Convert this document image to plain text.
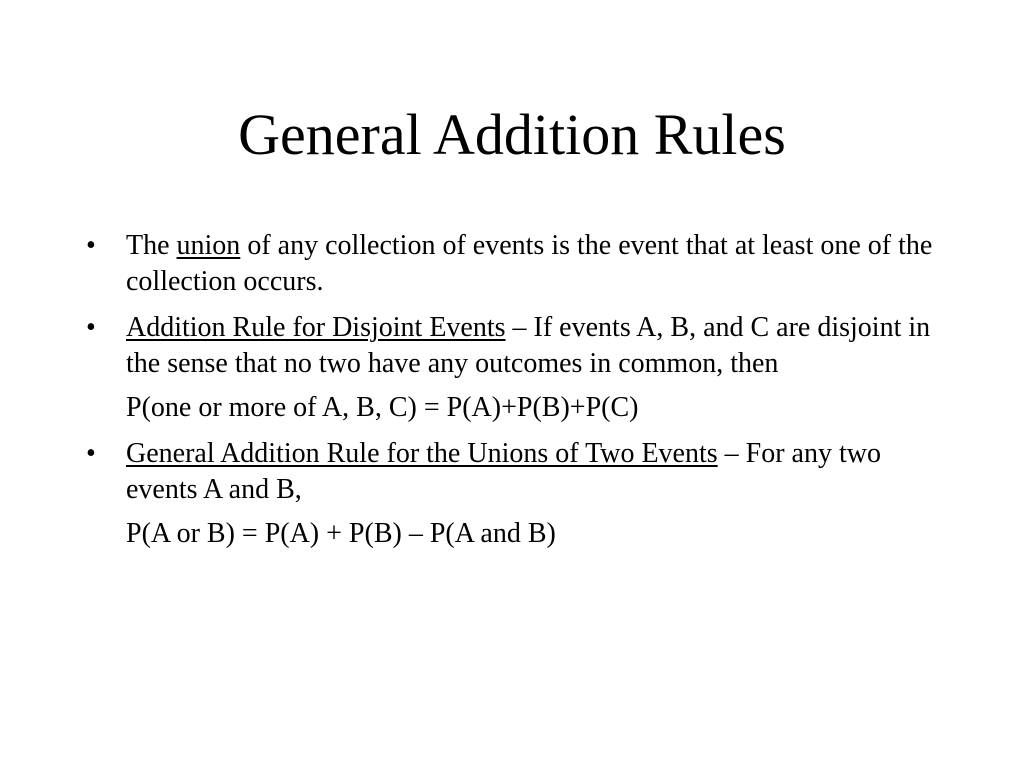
General Addition Rules
•	The union of any collection of events is the event that at least one of the collection occurs.
•	Addition Rule for Disjoint Events – If events A, B, and C are disjoint in the sense that no two have any outcomes in common, then
P(one or more of A, B, C) = P(A)+P(B)+P(C)
•	General Addition Rule for the Unions of Two Events – For any two events A and B,
P(A or B) = P(A) + P(B) – P(A and B)
